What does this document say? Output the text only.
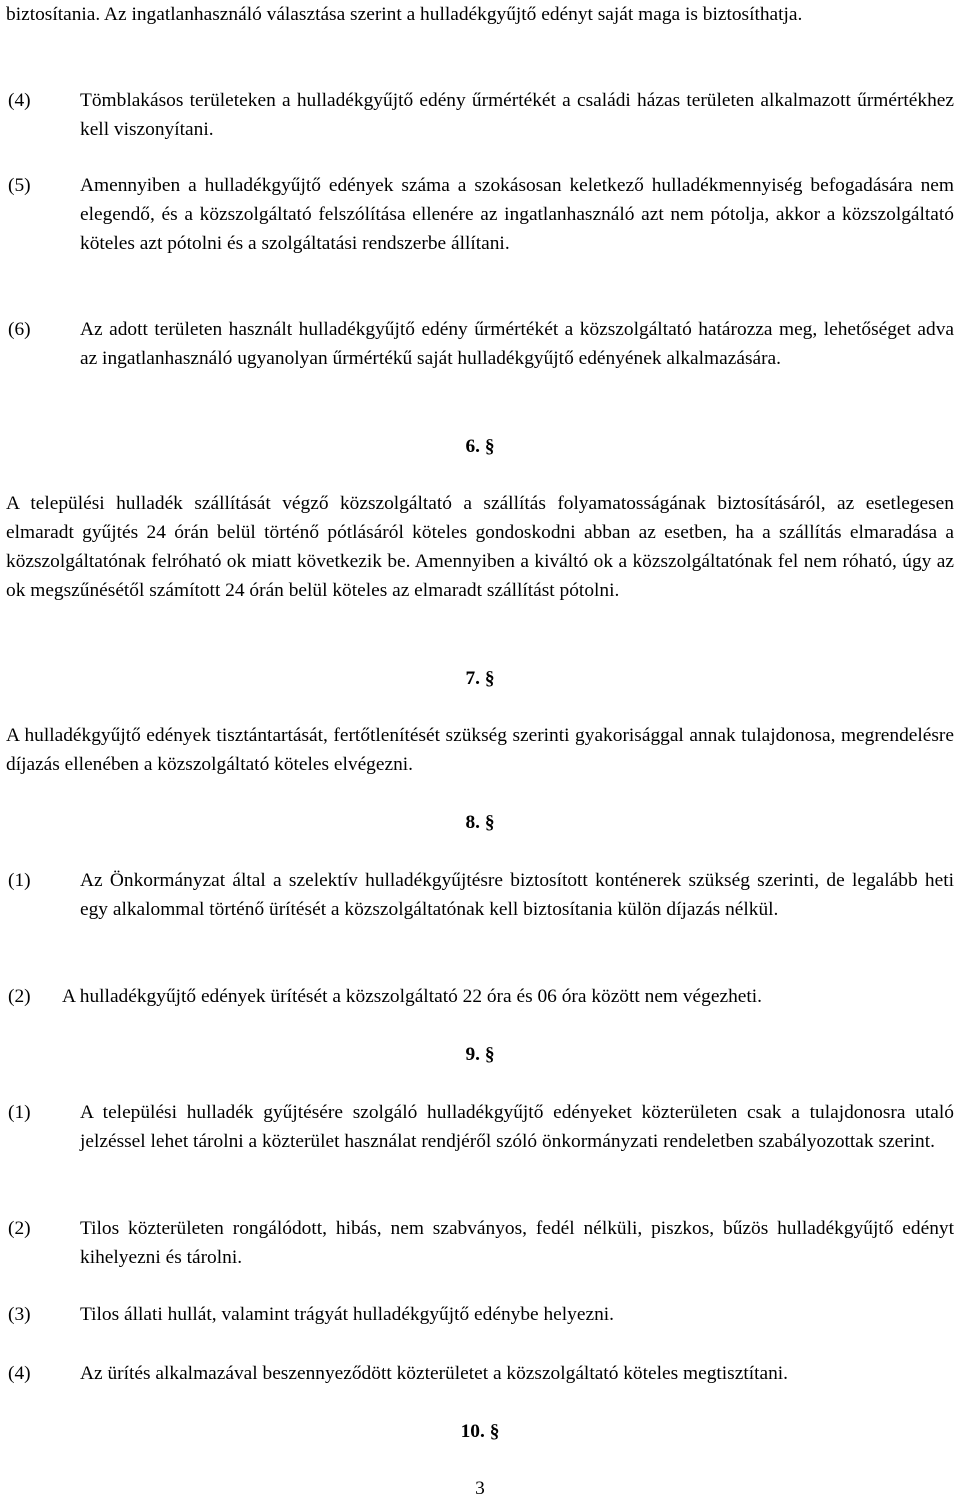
biztosítania. Az ingatlanhasználó választása szerint a hulladékgyűjtő edényt saját maga is biztosíthatja.
(4)	Tömblakásos területeken a hulladékgyűjtő edény űrmértékét a családi házas területen alkalmazott űrmértékhez kell viszonyítani.
(5)	Amennyiben a hulladékgyűjtő edények száma a szokásosan keletkező hulladékmennyiség befogadására nem elegendő, és a közszolgáltató felszólítása ellenére az ingatlanhasználó azt nem pótolja, akkor a közszolgáltató köteles azt pótolni és a szolgáltatási rendszerbe állítani.
(6)	Az adott területen használt hulladékgyűjtő edény űrmértékét a közszolgáltató határozza meg, lehetőséget adva az ingatlanhasználó ugyanolyan űrmértékű saját hulladékgyűjtő edényének alkalmazására.
6. §
A települési hulladék szállítását végző közszolgáltató a szállítás folyamatosságának biztosításáról, az esetlegesen elmaradt gyűjtés 24 órán belül történő pótlásáról köteles gondoskodni abban az esetben, ha a szállítás elmaradása a közszolgáltatónak felróható ok miatt következik be. Amennyiben a kiváltó ok a közszolgáltatónak fel nem róható, úgy az ok megszűnésétől számított 24 órán belül köteles az elmaradt szállítást pótolni.
7. §
A hulladékgyűjtő edények tisztántartását, fertőtlenítését szükség szerinti gyakorisággal annak tulajdonosa, megrendelésre díjazás ellenében a közszolgáltató köteles elvégezni.
8. §
(1)	Az Önkormányzat által a szelektív hulladékgyűjtésre biztosított konténerek szükség szerinti, de legalább heti egy alkalommal történő ürítését a közszolgáltatónak kell biztosítania külön díjazás nélkül.
(2) A hulladékgyűjtő edények ürítését a közszolgáltató 22 óra és 06 óra között nem végezheti.
9. §
(1)	A települési hulladék gyűjtésére szolgáló hulladékgyűjtő edényeket közterületen csak a tulajdonosra utaló jelzéssel lehet tárolni a közterület használat rendjéről szóló önkormányzati rendeletben szabályozottak szerint.
(2)	Tilos közterületen rongálódott, hibás, nem szabványos, fedél nélküli, piszkos, bűzös hulladékgyűjtő edényt kihelyezni és tárolni.
(3)	Tilos állati hullát, valamint trágyát hulladékgyűjtő edénybe helyezni.
(4)	Az ürítés alkalmazával beszennyeződött közterületet a közszolgáltató köteles megtisztítani.
10. §
3
